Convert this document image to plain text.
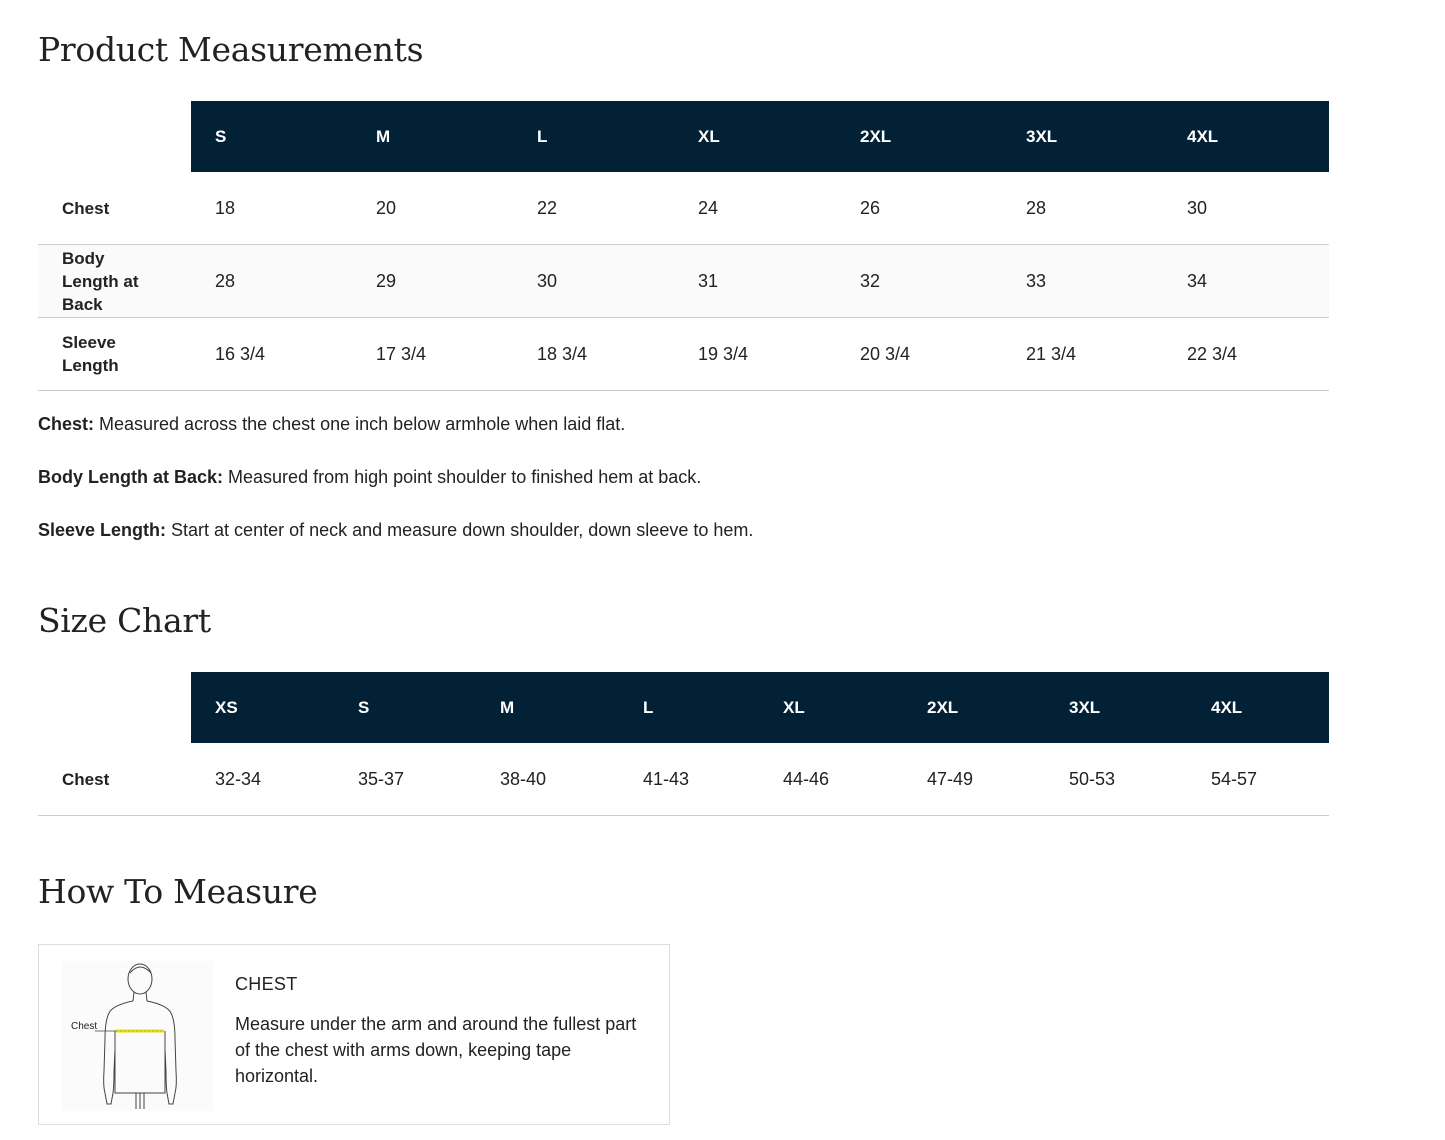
Product Measurements
	S	M	L	XL	2XL	3XL	4XL
Chest	18	20	22	24	26	28	30

Body Length at Back	28	29	30	31	32	33	34

Sleeve Length	16 3/4	17 3/4	18 3/4	19 3/4	20 3/4	21 3/4	22 3/4

Chest: Measured across the chest one inch below armhole when laid flat.

Body Length at Back: Measured from high point shoulder to finished hem at back.

Sleeve Length: Start at center of neck and measure down shoulder, down sleeve to hem.

Size Chart
	XS	S	M	L	XL	2XL	3XL	4XL
Chest	32-34	35-37	38-40	41-43	44-46	47-49	50-53	54-57
How To Measure
Chest
CHEST
Measure under the arm and around the fullest part of the chest with arms down, keeping tape horizontal.
